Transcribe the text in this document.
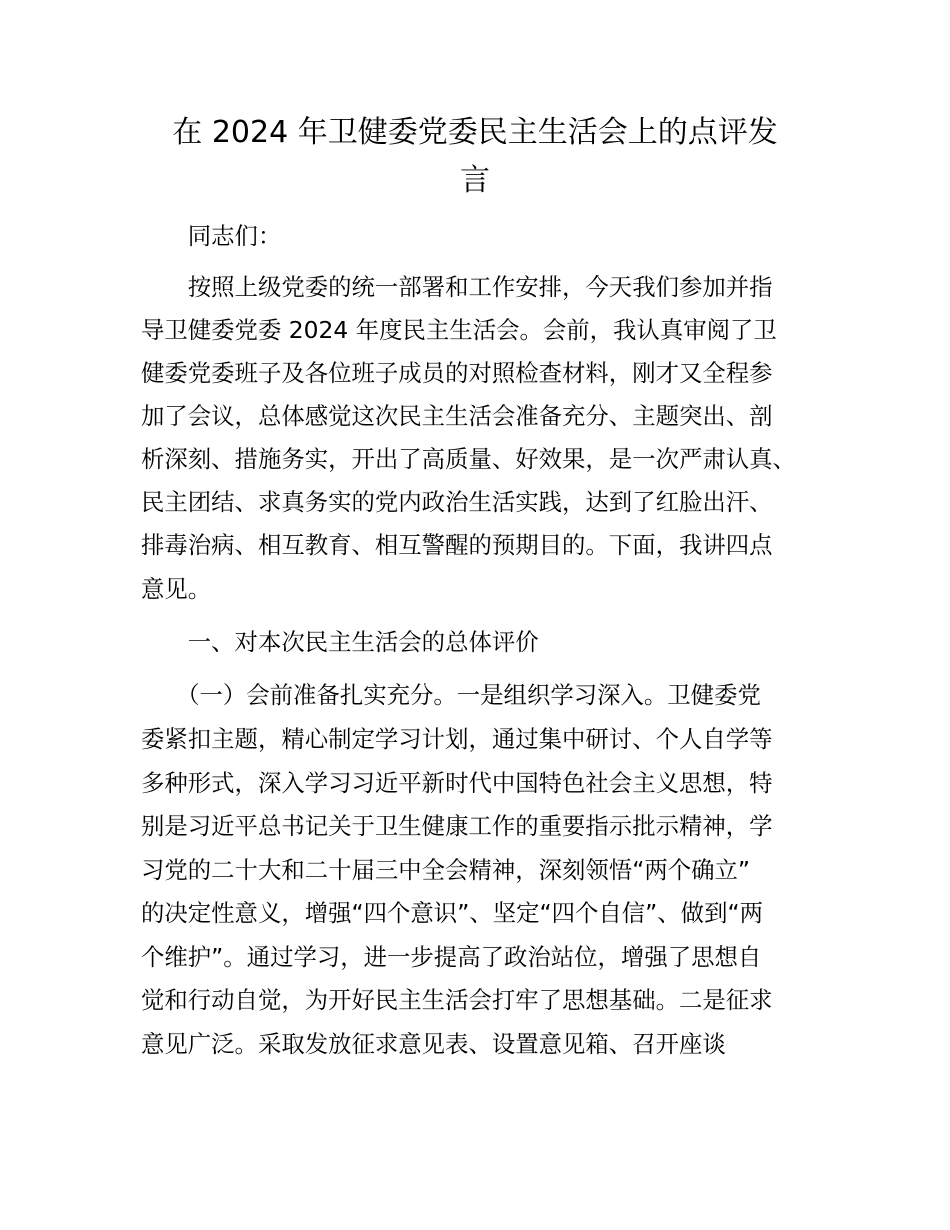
在 2024 年卫健委党委民主生活会上的点评发
言

　　同志们：

　　按照上级党委的统一部署和工作安排，今天我们参加并指

导卫健委党委 2024 年度民主生活会。会前，我认真审阅了卫

健委党委班子及各位班子成员的对照检查材料，刚才又全程参

加了会议，总体感觉这次民主生活会准备充分、主题突出、剖

析深刻、措施务实，开出了高质量、好效果，是一次严肃认真、

民主团结、求真务实的党内政治生活实践，达到了红脸出汗、

排毒治病、相互教育、相互警醒的预期目的。下面，我讲四点

意见。

　　一、对本次民主生活会的总体评价

　　（一）会前准备扎实充分。一是组织学习深入。卫健委党

委紧扣主题，精心制定学习计划，通过集中研讨、个人自学等

多种形式，深入学习习近平新时代中国特色社会主义思想，特

别是习近平总书记关于卫生健康工作的重要指示批示精神，学

习党的二十大和二十届三中全会精神，深刻领悟“两个确立”

的决定性意义，增强“四个意识”、坚定“四个自信”、做到“两

个维护”。通过学习，进一步提高了政治站位，增强了思想自

觉和行动自觉，为开好民主生活会打牢了思想基础。二是征求

意见广泛。采取发放征求意见表、设置意见箱、召开座谈
